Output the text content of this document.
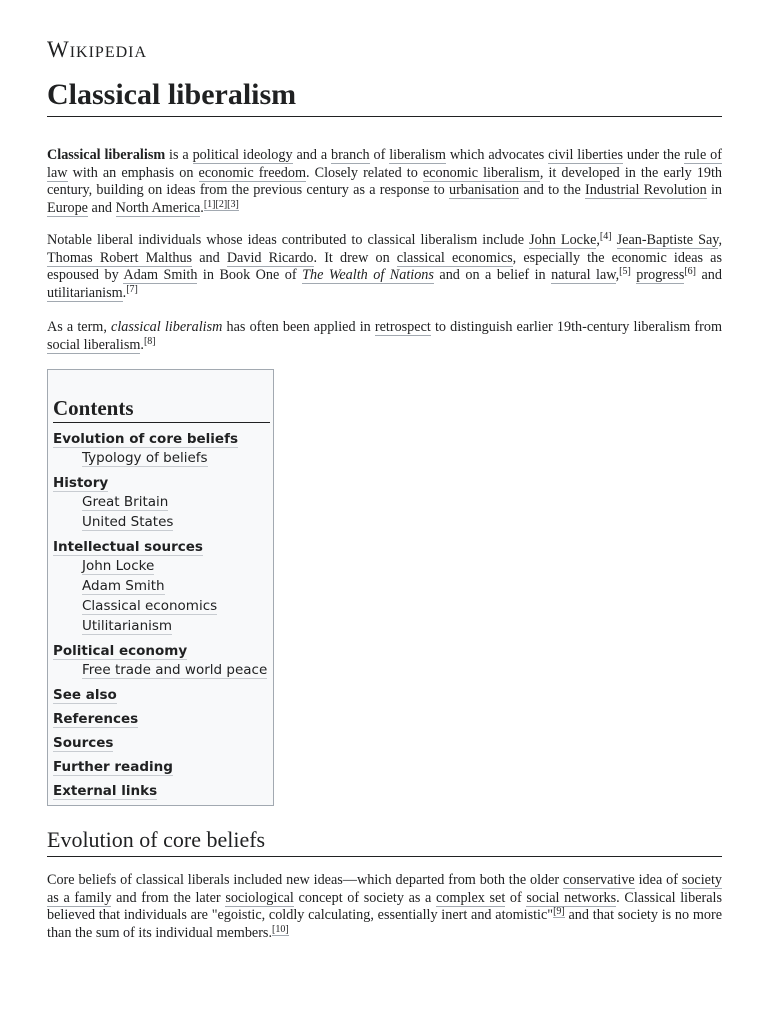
Wikipedia
Classical liberalism

Classical liberalism is a political ideology and a branch of liberalism which advocates civil liberties under the rule of law with an emphasis on economic freedom. Closely related to economic liberalism, it developed in the early 19th century, building on ideas from the previous century as a response to urbanisation and to the Industrial Revolution in Europe and North America.[1][2][3]

Notable liberal individuals whose ideas contributed to classical liberalism include John Locke,[4] Jean-Baptiste Say, Thomas Robert Malthus and David Ricardo. It drew on classical economics, especially the economic ideas as espoused by Adam Smith in Book One of The Wealth of Nations and on a belief in natural law,[5] progress[6] and utilitarianism.[7]

As a term, classical liberalism has often been applied in retrospect to distinguish earlier 19th-century liberalism from social liberalism.[8]

Contents
Evolution of core beliefs
Typology of beliefs
History
Great Britain
United States
Intellectual sources
John Locke
Adam Smith
Classical economics
Utilitarianism
Political economy
Free trade and world peace
See also
References
Sources
Further reading
External links
Evolution of core beliefs

Core beliefs of classical liberals included new ideas—which departed from both the older conservative idea of society as a family and from the later sociological concept of society as a complex set of social networks. Classical liberals believed that individuals are "egoistic, coldly calculating, essentially inert and atomistic"[9] and that society is no more than the sum of its individual members.[10]
